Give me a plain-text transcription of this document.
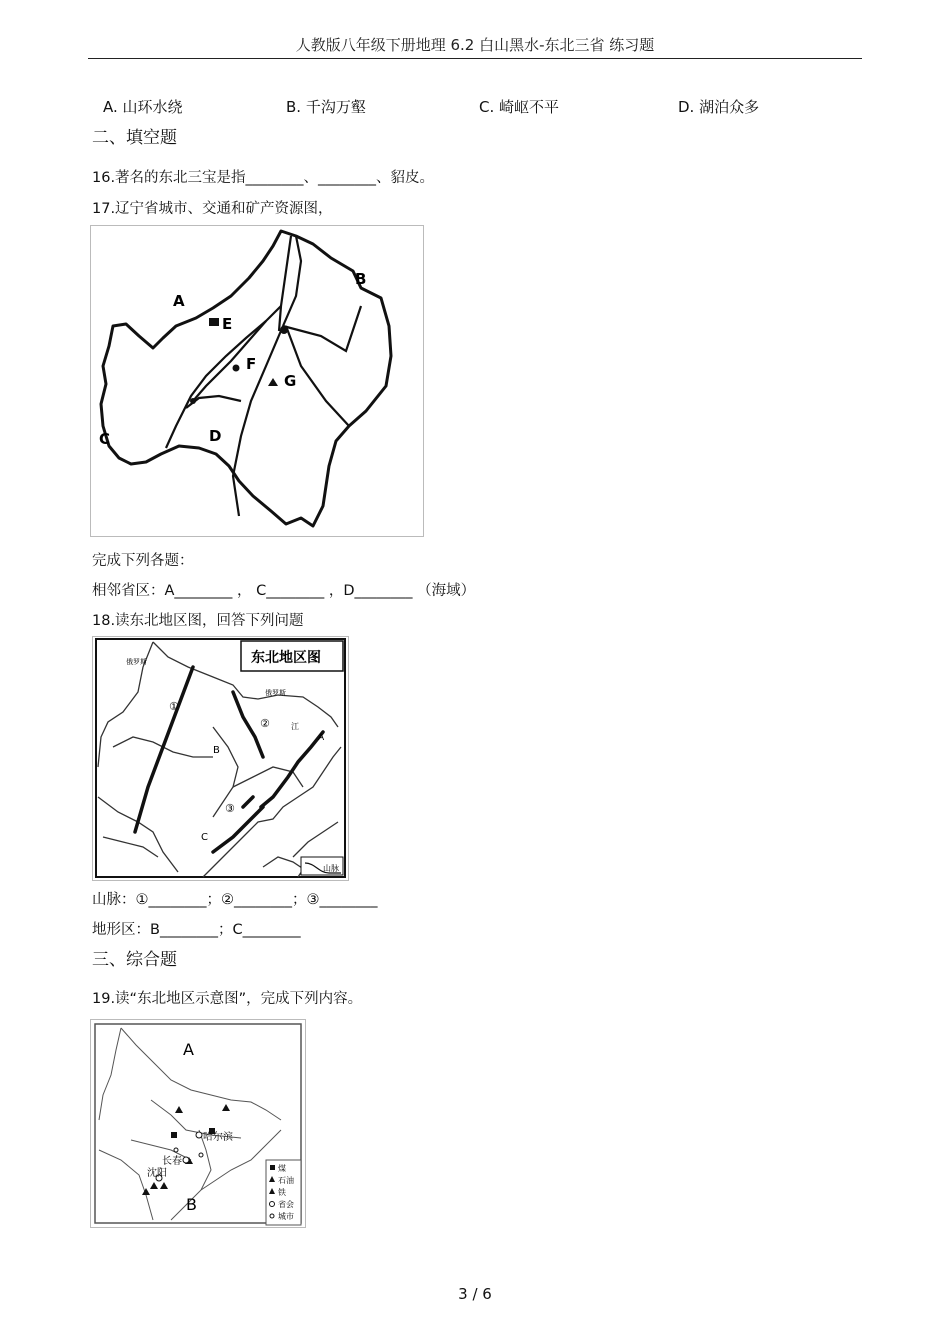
人教版八年级下册地理 6.2 白山黑水-东北三省 练习题
A. 山环水绕	B. 千沟万壑	C. 崎岖不平	D. 湖泊众多
二、填空题
16.著名的东北三宝是指________、________、貂皮。
17.辽宁省城市、交通和矿产资源图，
A
B
C	D
E
F
G
完成下列各题：
相邻省区：A________ ， C________ ，D________ （海域）
18.读东北地区图，回答下列问题
东北地区图
山脉
俄罗斯
俄罗斯
①
②
③
B
C
A
江
山脉：①________；②________；③________
地形区：B________；C________
三、综合题
19.读“东北地区示意图”，完成下列内容。
A
B
哈尔滨
长春
沈阳	煤
石油
铁
省会
城市
3 / 6
